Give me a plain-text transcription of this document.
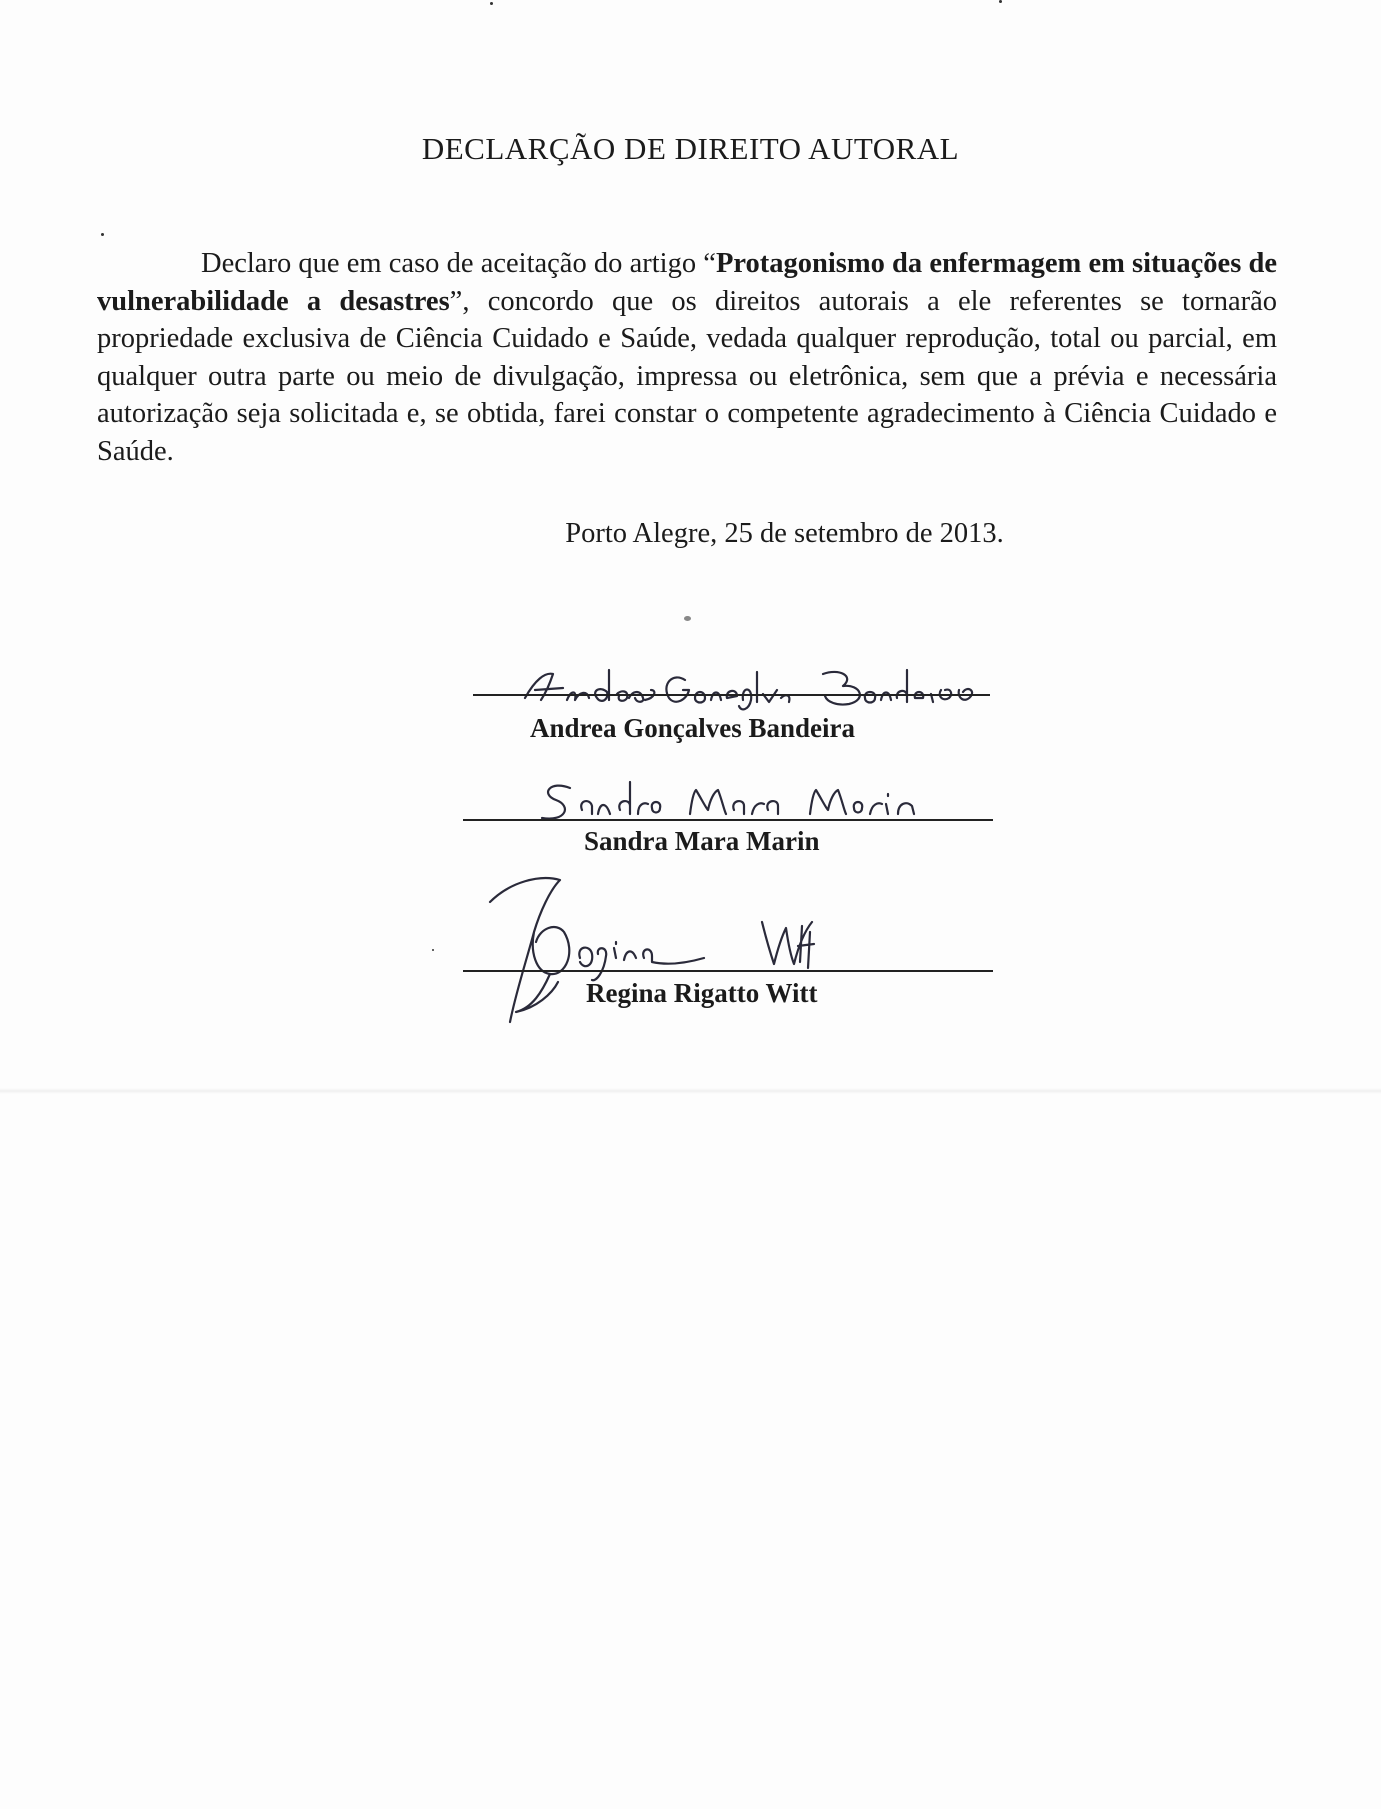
DECLARÇÃO DE DIREITO AUTORAL

Declaro que em caso de aceitação do artigo “Protagonismo da enfermagem em situações de vulnerabilidade a desastres”, concordo que os direitos autorais a ele referentes se tornarão propriedade exclusiva de Ciência Cuidado e Saúde, vedada qualquer reprodução, total ou parcial, em qualquer outra parte ou meio de divulgação, impressa ou eletrônica, sem que a prévia e necessária autorização seja solicitada e, se obtida, farei constar o competente agradecimento à Ciência Cuidado e Saúde.

Porto Alegre, 25 de setembro de 2013.
Andrea Gonçalves Bandeira
Sandra Mara Marin
Regina Rigatto Witt
